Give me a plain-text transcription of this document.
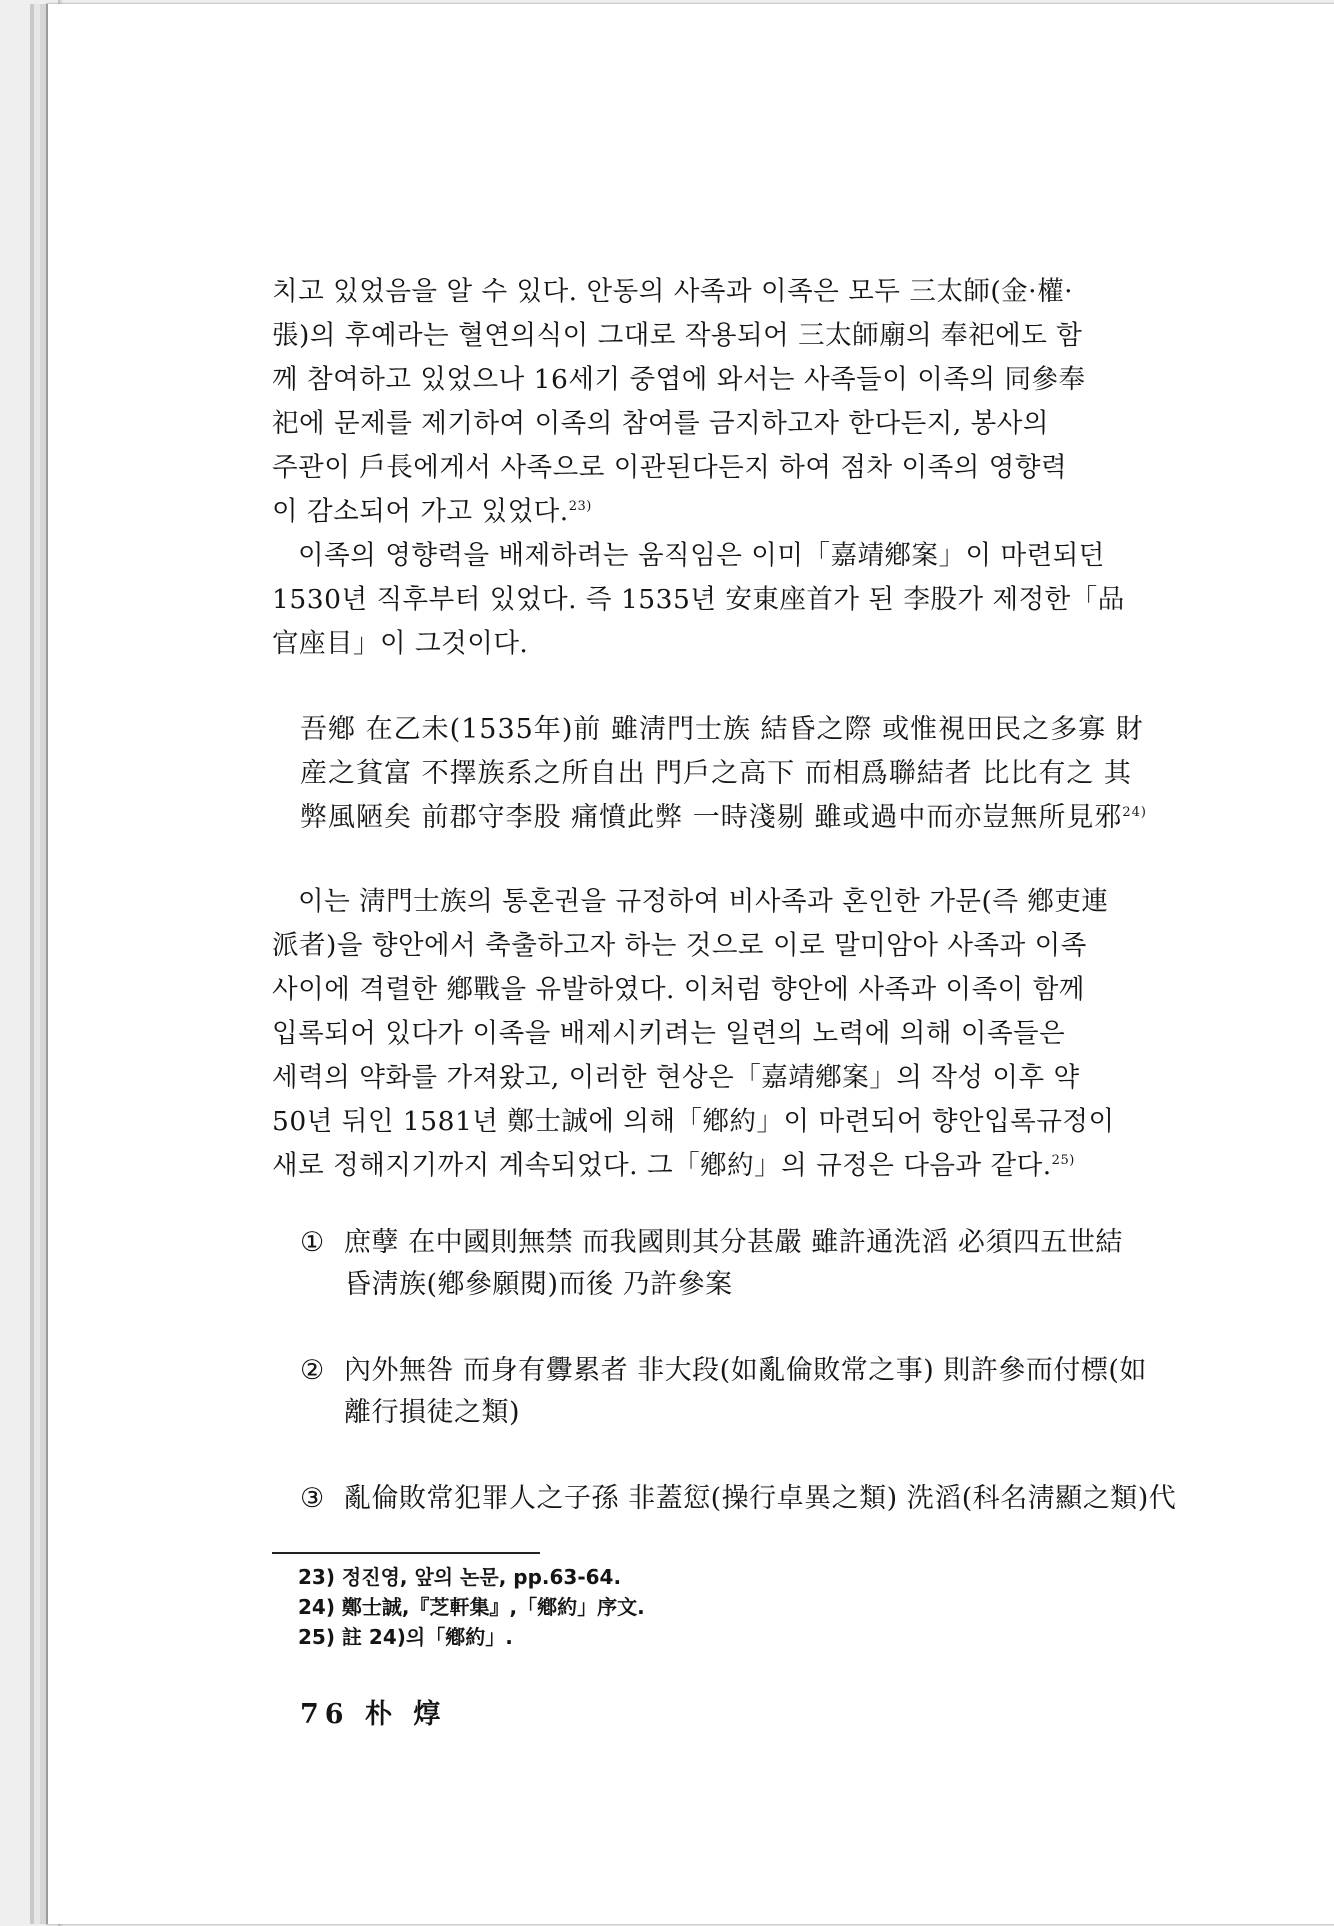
치고 있었음을 알 수 있다. 안동의 사족과 이족은 모두 三太師(金·權·
張)의 후예라는 혈연의식이 그대로 작용되어 三太師廟의 奉祀에도 함
께 참여하고 있었으나 16세기 중엽에 와서는 사족들이 이족의 同參奉
祀에 문제를 제기하여 이족의 참여를 금지하고자 한다든지, 봉사의
주관이 戶長에게서 사족으로 이관된다든지 하여 점차 이족의 영향력
이 감소되어 가고 있었다.$^{23)}$

이족의 영향력을 배제하려는 움직임은 이미「嘉靖鄕案」이 마련되던
1530년 직후부터 있었다. 즉 1535년 安東座首가 된 李股가 제정한「品
官座目」이 그것이다.

吾鄕 在乙未(1535年)前 雖淸門士族 結昏之際 或惟視田民之多寡 財
産之貧富 不擇族系之所自出 門戶之高下 而相爲聯結者 比比有之 其
弊風陋矣 前郡守李股 痛憤此弊 一時淺剔 雖或過中而亦豈無所見邪$^{24)}$

이는 淸門士族의 통혼권을 규정하여 비사족과 혼인한 가문(즉 鄕吏連
派者)을 향안에서 축출하고자 하는 것으로 이로 말미암아 사족과 이족
사이에 격렬한 鄕戰을 유발하였다. 이처럼 향안에 사족과 이족이 함께
입록되어 있다가 이족을 배제시키려는 일련의 노력에 의해 이족들은
세력의 약화를 가져왔고, 이러한 현상은「嘉靖鄕案」의 작성 이후 약
50년 뒤인 1581년 鄭士誠에 의해「鄕約」이 마련되어 향안입록규정이
새로 정해지기까지 계속되었다. 그「鄕約」의 규정은 다음과 같다.$^{25)}$

① 庶孽 在中國則無禁 而我國則其分甚嚴 雖許通洗滔 必須四五世結
昏淸族(鄕參願閱)而後 乃許參案
② 內外無咎 而身有釁累者 非大段(如亂倫敗常之事) 則許參而付標(如
離行損徒之類)
③ 亂倫敗常犯罪人之子孫 非蓋愆(操行卓異之類) 洗滔(科名淸顯之類)代
23) 정진영, 앞의 논문, pp.63-64.
24) 鄭士誠,『芝軒集』,「鄕約」序文.
25) 註 24)의「鄕約」.
76 朴 焞
